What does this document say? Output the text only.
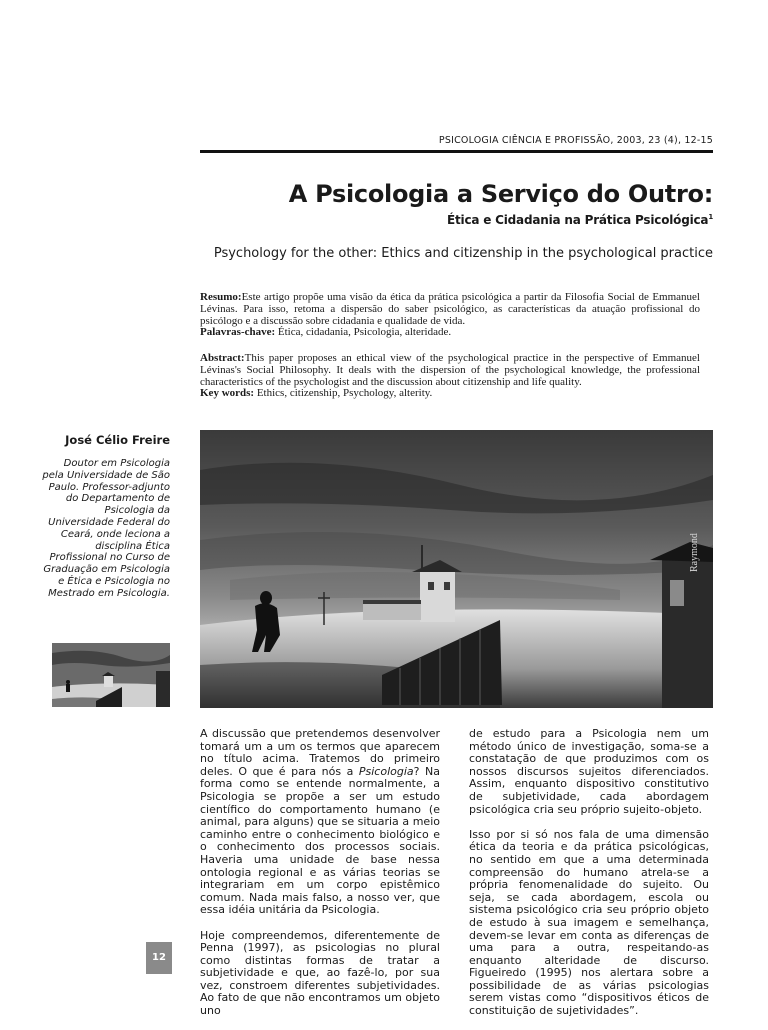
PSICOLOGIA CIÊNCIA E PROFISSÃO, 2003, 23 (4), 12-15
A Psicologia a Serviço do Outro:
Ética e Cidadania na Prática Psicológica$^1$
Psychology for the other: Ethics and citizenship in the psychological practice

Resumo:Este artigo propõe uma visão da ética da prática psicológica a partir da Filosofia Social de Emmanuel Lévinas. Para isso, retoma a dispersão do saber psicológico, as características da atuação profissional do psicólogo e a discussão sobre cidadania e qualidade de vida.

Palavras-chave: Ética, cidadania, Psicologia, alteridade.

Abstract:This paper proposes an ethical view of the psychological practice in the perspective of Emmanuel Lévinas's Social Philosophy. It deals with the dispersion of the psychological knowledge, the professional characteristics of the psychologist and the discussion about citizenship and life quality.

Key words: Ethics, citizenship, Psychology, alterity.

José Célio Freire
Doutor em Psicologia pela Universidade de São Paulo. Professor-adjunto do Departamento de Psicologia da Universidade Federal do Ceará, onde leciona a disciplina Ética Profissional no Curso de Graduação em Psicologia e Ética e Psicologia no Mestrado em Psicologia.
Raymond

A discussão que pretendemos desenvolver tomará um a um os termos que aparecem no título acima. Tratemos do primeiro deles. O que é para nós a Psicologia? Na forma como se entende normalmente, a Psicologia se propõe a ser um estudo científico do comportamento humano (e animal, para alguns) que se situaria a meio caminho entre o conhecimento biológico e o conhecimento dos processos sociais. Haveria uma unidade de base nessa ontologia regional e as várias teorias se integrariam em um corpo epistêmico comum. Nada mais falso, a nosso ver, que essa idéia unitária da Psicologia.

Hoje compreendemos, diferentemente de Penna (1997), as psicologias no plural como distintas formas de tratar a subjetividade e que, ao fazê-lo, por sua vez, constroem diferentes subjetividades. Ao fato de que não encontramos um objeto uno

de estudo para a Psicologia nem um método único de investigação, soma-se a constatação de que produzimos com os nossos discursos sujeitos diferenciados. Assim, enquanto dispositivo constitutivo de subjetividade, cada abordagem psicológica cria seu próprio sujeito-objeto.

Isso por si só nos fala de uma dimensão ética da teoria e da prática psicológicas, no sentido em que a uma determinada compreensão do humano atrela-se a própria fenomenalidade do sujeito. Ou seja, se cada abordagem, escola ou sistema psicológico cria seu próprio objeto de estudo à sua imagem e semelhança, devem-se levar em conta as diferenças de uma para a outra, respeitando-as enquanto alteridade de discurso. Figueiredo (1995) nos alertara sobre a possibilidade de as várias psicologias serem vistas como “dispositivos éticos de constituição de sujetividades”.

12
